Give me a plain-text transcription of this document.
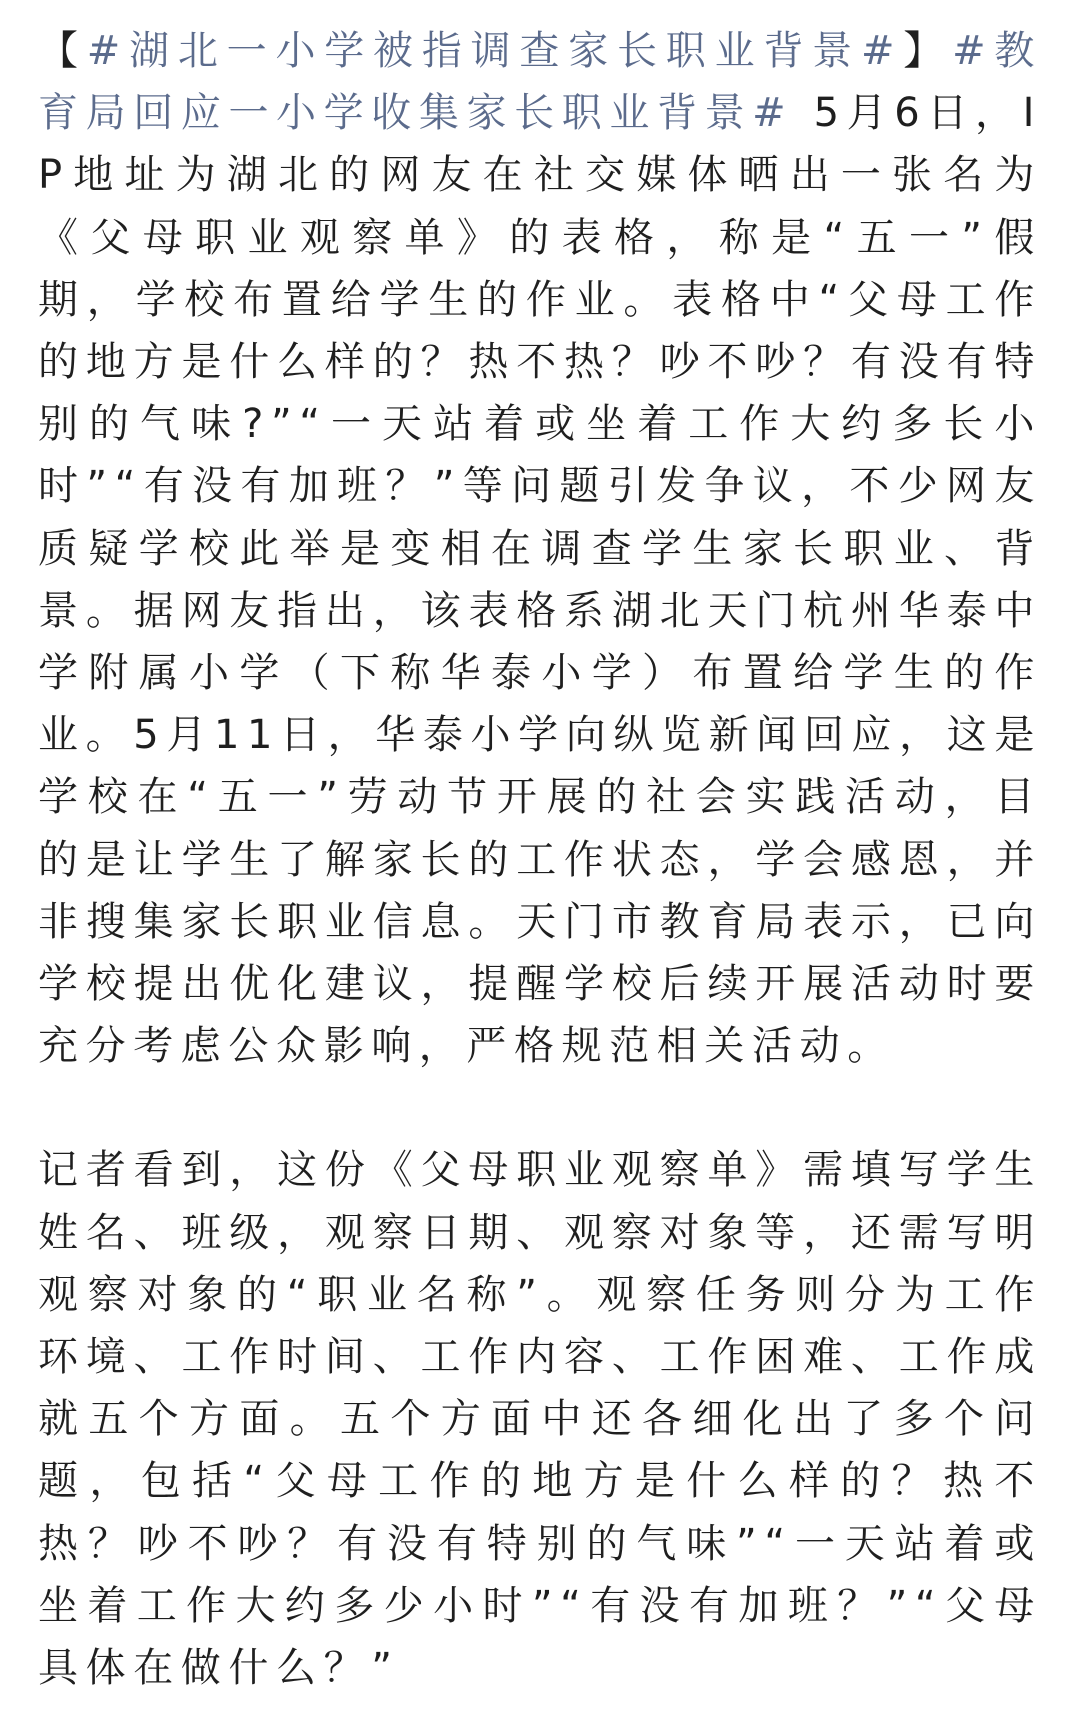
【#湖北一小学被指调查家长职业背景#】#教育局回应一小学收集家长职业背景# 5月6日，IP地址为湖北的网友在社交媒体晒出一张名为《父母职业观察单》的表格，称是“五一”假期，学校布置给学生的作业。表格中“父母工作的地方是什么样的？热不热？吵不吵？有没有特别的气味?”“一天站着或坐着工作大约多长小时”“有没有加班？”等问题引发争议，不少网友质疑学校此举是变相在调查学生家长职业、背景。据网友指出，该表格系湖北天门杭州华泰中学附属小学（下称华泰小学）布置给学生的作业。5月11日，华泰小学向纵览新闻回应，这是学校在“五一”劳动节开展的社会实践活动，目的是让学生了解家长的工作状态，学会感恩，并非搜集家长职业信息。天门市教育局表示，已向学校提出优化建议，提醒学校后续开展活动时要充分考虑公众影响，严格规范相关活动。

记者看到，这份《父母职业观察单》需填写学生姓名、班级，观察日期、观察对象等，还需写明观察对象的“职业名称”。观察任务则分为工作环境、工作时间、工作内容、工作困难、工作成就五个方面。五个方面中还各细化出了多个问题，包括“父母工作的地方是什么样的？热不热？吵不吵？有没有特别的气味”“一天站着或坐着工作大约多少小时”“有没有加班？”“父母具体在做什么？”
